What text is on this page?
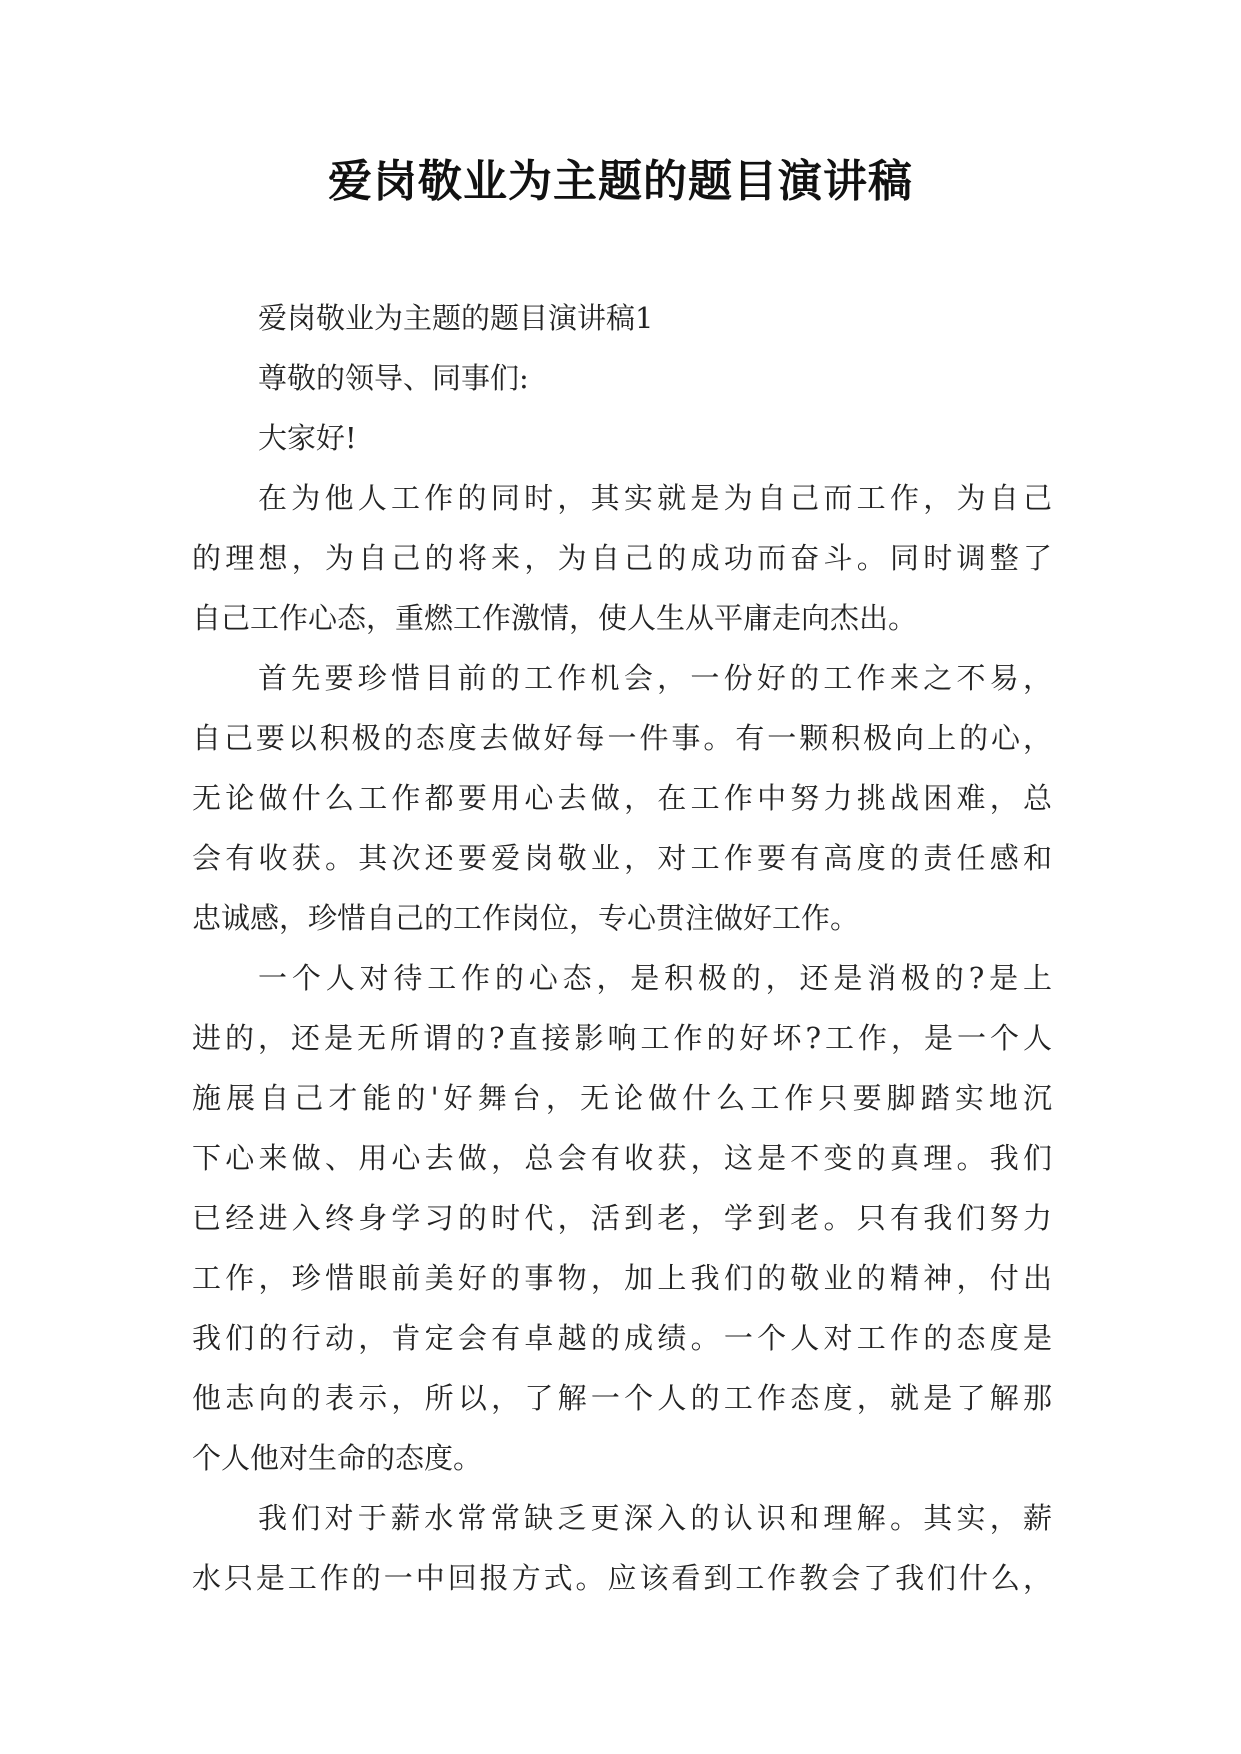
爱岗敬业为主题的题目演讲稿
爱岗敬业为主题的题目演讲稿1
尊敬的领导、同事们:
大家好!
在为他人工作的同时，其实就是为自己而工作，为自己
的理想，为自己的将来，为自己的成功而奋斗。同时调整了
自己工作心态，重燃工作激情，使人生从平庸走向杰出。
首先要珍惜目前的工作机会，一份好的工作来之不易，
自己要以积极的态度去做好每一件事。有一颗积极向上的心，
无论做什么工作都要用心去做，在工作中努力挑战困难，总
会有收获。其次还要爱岗敬业，对工作要有高度的责任感和
忠诚感，珍惜自己的工作岗位，专心贯注做好工作。
一个人对待工作的心态，是积极的，还是消极的?是上
进的，还是无所谓的?直接影响工作的好坏?工作，是一个人
施展自己才能的'好舞台，无论做什么工作只要脚踏实地沉
下心来做、用心去做，总会有收获，这是不变的真理。我们
已经进入终身学习的时代，活到老，学到老。只有我们努力
工作，珍惜眼前美好的事物，加上我们的敬业的精神，付出
我们的行动，肯定会有卓越的成绩。一个人对工作的态度是
他志向的表示，所以，了解一个人的工作态度，就是了解那
个人他对生命的态度。
我们对于薪水常常缺乏更深入的认识和理解。其实，薪
水只是工作的一中回报方式。应该看到工作教会了我们什么，
